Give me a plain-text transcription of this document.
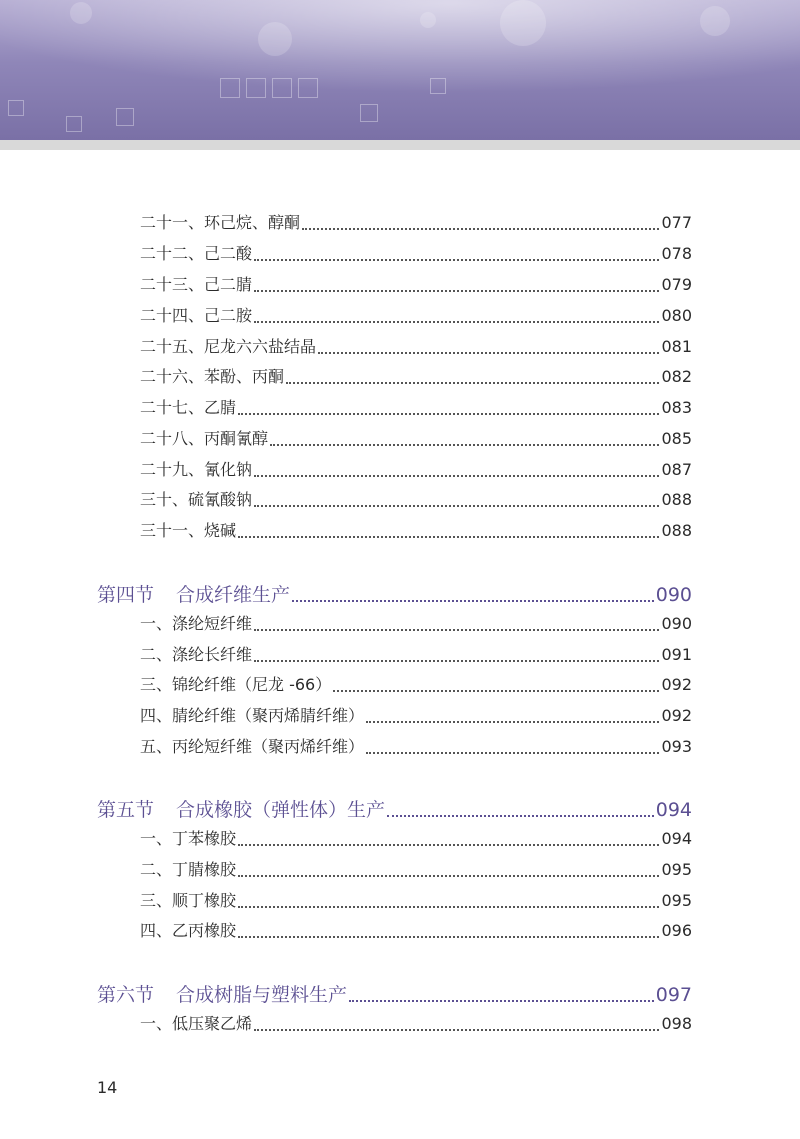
二十一、环己烷、醇酮	077
二十二、己二酸	078
二十三、己二腈	079
二十四、己二胺	080
二十五、尼龙六六盐结晶	081
二十六、苯酚、丙酮	082
二十七、乙腈	083
二十八、丙酮氰醇	085
二十九、氰化钠	087
三十、硫氰酸钠	088
三十一、烧碱	088
第四节 合成纤维生产	090
一、涤纶短纤维	090
二、涤纶长纤维	091
三、锦纶纤维（尼龙 -66）	092
四、腈纶纤维（聚丙烯腈纤维）	092
五、丙纶短纤维（聚丙烯纤维）	093
第五节 合成橡胶（弹性体）生产	094
一、丁苯橡胶	094
二、丁腈橡胶	095
三、顺丁橡胶	095
四、乙丙橡胶	096
第六节 合成树脂与塑料生产	097
一、低压聚乙烯	098
14
